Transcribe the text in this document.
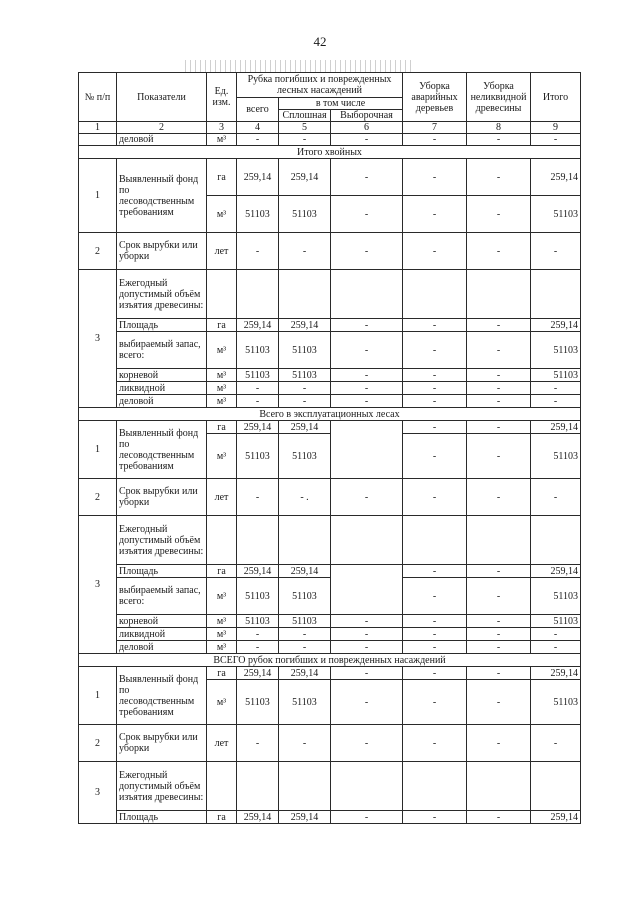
42
№ п/п	Показатели	Ед. изм.	Рубка погибших и поврежденных лесных насаждений			Уборка аварийных деревьев	Уборка неликвидной древесины	Итого
			всего	в том числе				
				Сплошная	Выборочная			
1	2	3	4	5	6	7	8	9
	деловой	м³	-	-	-	-	-	-
Итого хвойных								
1	Выявленный фонд по лесоводственным требованиям	га	259,14	259,14	-	-	-	259,14
		м³	51103	51103	-	-	-	51103
2	Срок вырубки или уборки	лет	-	-	-	-	-	-
3	Ежегодный допустимый объём изъятия древесины:							
	Площадь	га	259,14	259,14	-	-	-	259,14
	выбираемый запас, всего:	м³	51103	51103	-	-	-	51103
	корневой	м³	51103	51103	-	-	-	51103
	ликвидной	м³	-	-	-	-	-	-
	деловой	м³	-	-	-	-	-	-
Всего в эксплуатационных лесах								
1	Выявленный фонд по лесоводственным требованиям	га	259,14	259,14		-	-	259,14
		м³	51103	51103		-	-	51103
2	Срок вырубки или уборки	лет	-	- .	-	-	-	-
3	Ежегодный допустимый объём изъятия древесины:							
	Площадь	га	259,14	259,14		-	-	259,14
	выбираемый запас, всего:	м³	51103	51103		-	-	51103
	корневой	м³	51103	51103	-	-	-	51103
	ликвидной	м³	-	-	-	-	-	-
	деловой	м³	-	-	-	-	-	-
ВСЕГО рубок погибших и поврежденных насаждений								
1	Выявленный фонд по лесоводственным требованиям	га	259,14	259,14	-	-	-	259,14
		м³	51103	51103	-	-	-	51103
2	Срок вырубки или уборки	лет	-	-	-	-	-	-
3	Ежегодный допустимый объём изъятия древесины:							
	Площадь	га	259,14	259,14	-	-	-	259,14
